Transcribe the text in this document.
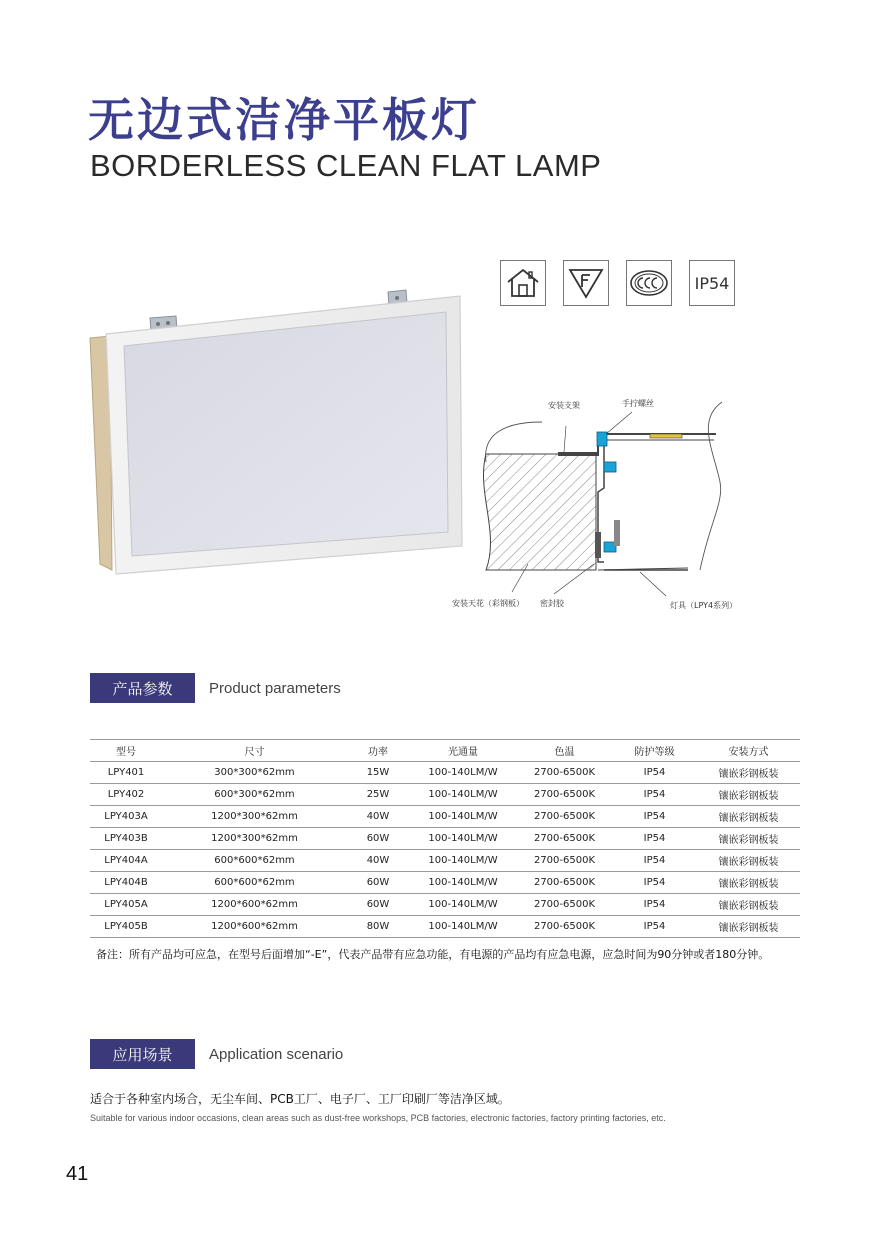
无边式洁净平板灯
BORDERLESS CLEAN FLAT LAMP
IP54
安装支架	手拧螺丝
安装天花（彩钢板） 密封胶	灯具（LPY4系列）
产品参数	Product parameters
型号	尺寸	功率	光通量	色温	防护等级	安装方式
LPY401	300*300*62mm	15W	100-140LM/W	2700-6500K	IP54	镶嵌彩钢板装
LPY402	600*300*62mm	25W	100-140LM/W	2700-6500K	IP54	镶嵌彩钢板装
LPY403A	1200*300*62mm	40W	100-140LM/W	2700-6500K	IP54	镶嵌彩钢板装
LPY403B	1200*300*62mm	60W	100-140LM/W	2700-6500K	IP54	镶嵌彩钢板装
LPY404A	600*600*62mm	40W	100-140LM/W	2700-6500K	IP54	镶嵌彩钢板装
LPY404B	600*600*62mm	60W	100-140LM/W	2700-6500K	IP54	镶嵌彩钢板装
LPY405A	1200*600*62mm	60W	100-140LM/W	2700-6500K	IP54	镶嵌彩钢板装
LPY405B	1200*600*62mm	80W	100-140LM/W	2700-6500K	IP54	镶嵌彩钢板装

备注：所有产品均可应急，在型号后面增加“-E”，代表产品带有应急功能，有电源的产品均有应急电源，应急时间为90分钟或者180分钟。

应用场景	Application scenario

适合于各种室内场合，无尘车间、PCB工厂、电子厂、工厂印刷厂等洁净区域。

Suitable for various indoor occasions, clean areas such as dust-free workshops, PCB factories, electronic factories, factory printing factories, etc.

41
